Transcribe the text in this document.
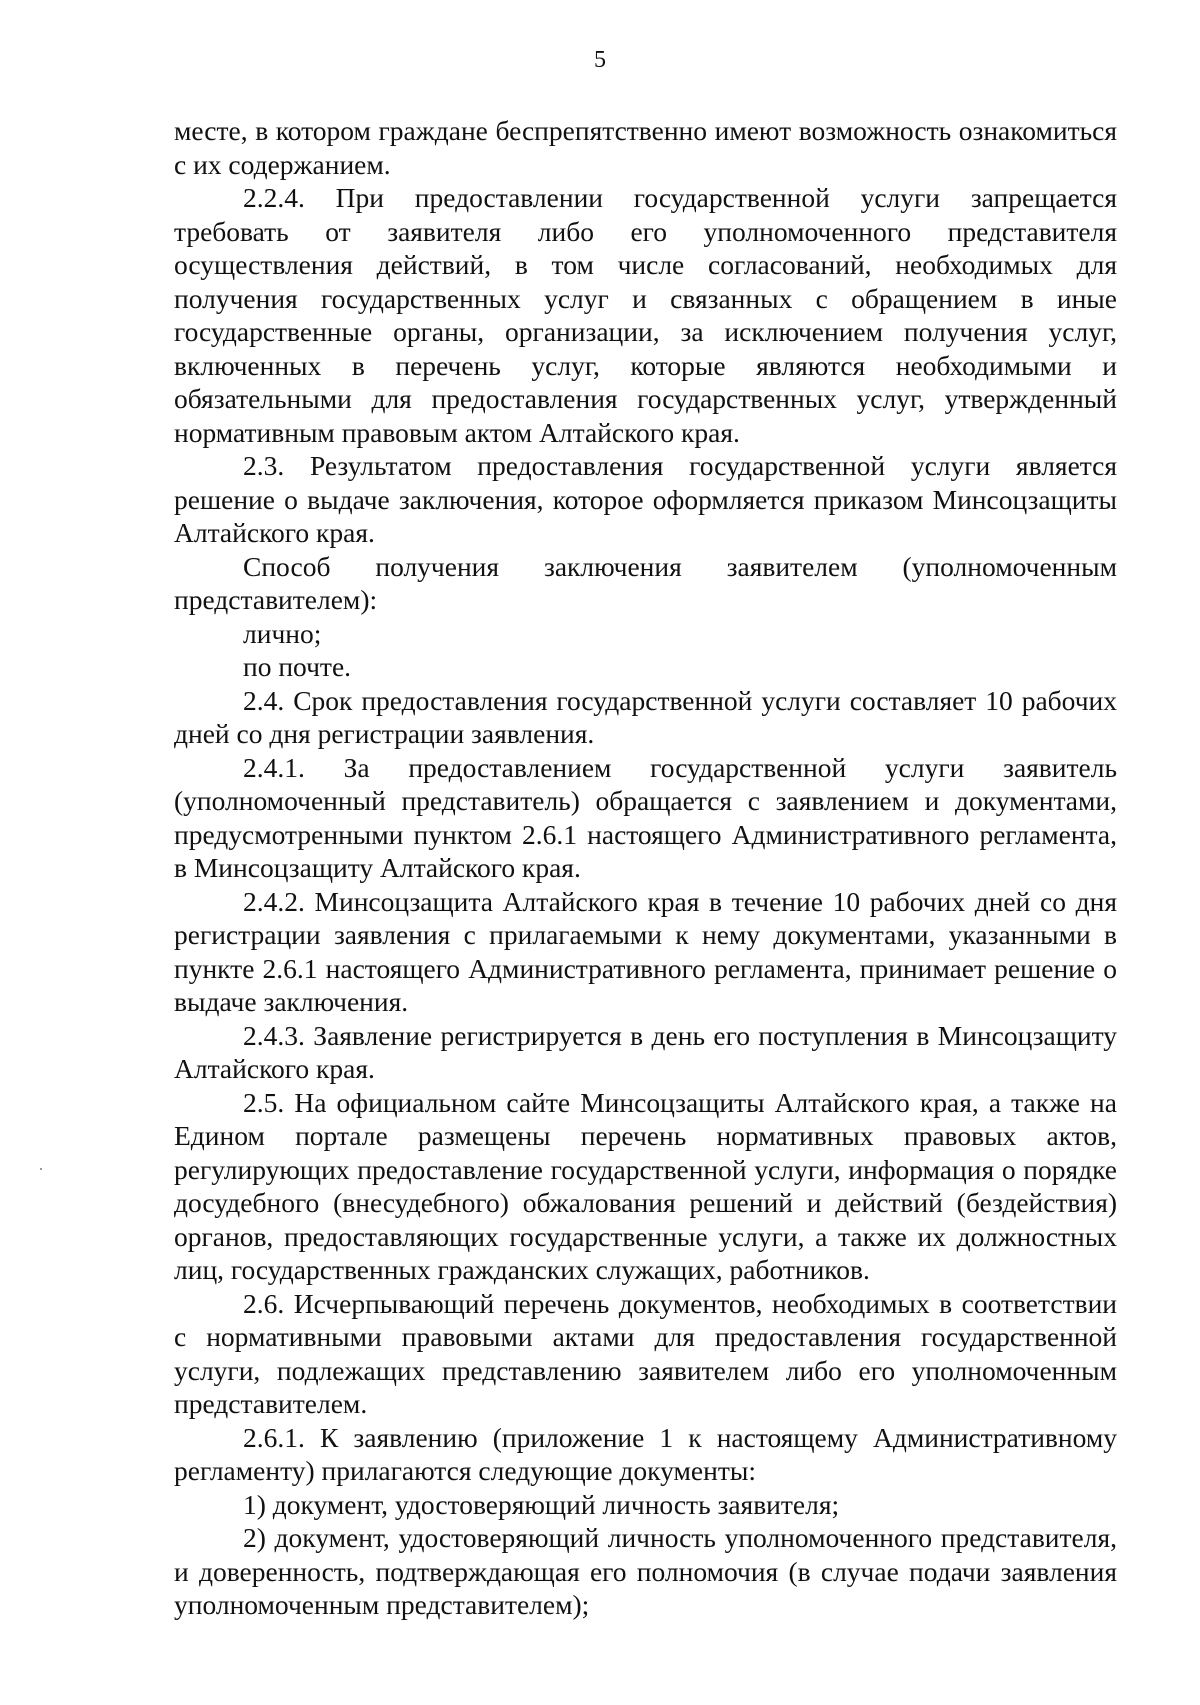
5

месте, в котором граждане беспрепятственно имеют возможность ознакомиться с их содержанием.

2.2.4. При предоставлении государственной услуги запрещается требовать от заявителя либо его уполномоченного представителя осуществления действий, в том числе согласований, необходимых для получения государственных услуг и связанных с обращением в иные государственные органы, организации, за исключением получения услуг, включенных в перечень услуг, которые являются необходимыми и обязательными для предоставления государственных услуг, утвержденный нормативным правовым актом Алтайского края.

2.3. Результатом предоставления государственной услуги является решение о выдаче заключения, которое оформляется приказом Минсоцзащиты Алтайского края.

Способ получения заключения заявителем (уполномоченным представителем):

лично;

по почте.

2.4. Срок предоставления государственной услуги составляет 10 рабочих дней со дня регистрации заявления.

2.4.1. За предоставлением государственной услуги заявитель (уполномоченный представитель) обращается с заявлением и документами, предусмотренными пунктом 2.6.1 настоящего Административного регламента, в Минсоцзащиту Алтайского края.

2.4.2. Минсоцзащита Алтайского края в течение 10 рабочих дней со дня регистрации заявления с прилагаемыми к нему документами, указанными в пункте 2.6.1 настоящего Административного регламента, принимает решение о выдаче заключения.

2.4.3. Заявление регистрируется в день его поступления в Минсоцзащиту Алтайского края.

2.5. На официальном сайте Минсоцзащиты Алтайского края, а также на Едином портале размещены перечень нормативных правовых актов, регулирующих предоставление государственной услуги, информация о порядке досудебного (внесудебного) обжалования решений и действий (бездействия) органов, предоставляющих государственные услуги, а также их должностных лиц, государственных гражданских служащих, работников.

2.6. Исчерпывающий перечень документов, необходимых в соответствии с нормативными правовыми актами для предоставления государственной услуги, подлежащих представлению заявителем либо его уполномоченным представителем.

2.6.1. К заявлению (приложение 1 к настоящему Административному регламенту) прилагаются следующие документы:

1) документ, удостоверяющий личность заявителя;

2) документ, удостоверяющий личность уполномоченного представителя, и доверенность, подтверждающая его полномочия (в случае подачи заявления уполномоченным представителем);
